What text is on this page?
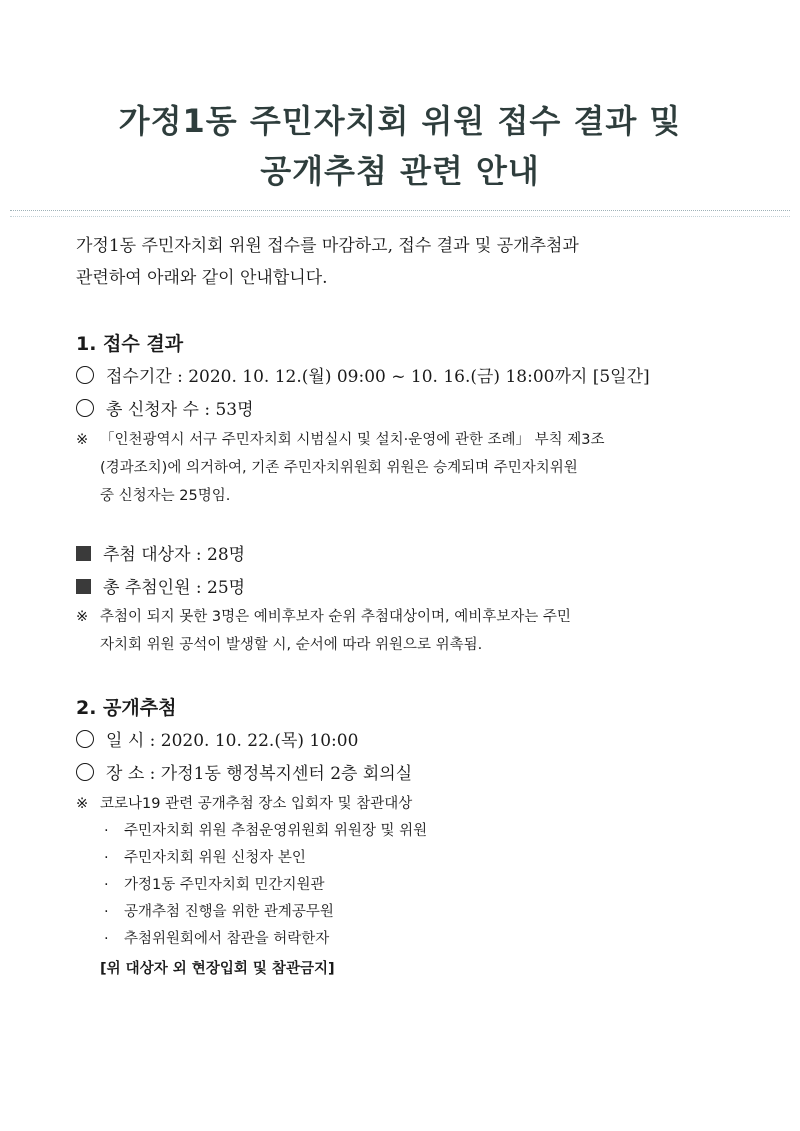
가정1동 주민자치회 위원 접수 결과 및
공개추첨 관련 안내
가정1동 주민자치회 위원 접수를 마감하고, 접수 결과 및 공개추첨과
관련하여 아래와 같이 안내합니다.
1. 접수 결과
접수기간 : 2020. 10. 12.(월) 09:00 ~ 10. 16.(금) 18:00까지 [5일간]
총 신청자 수 : 53명
※ 「인천광역시 서구 주민자치회 시범실시 및 설치·운영에 관한 조례」 부칙 제3조
(경과조치)에 의거하여, 기존 주민자치위원회 위원은 승계되며 주민자치위원
중 신청자는 25명임.
추첨 대상자 : 28명
총 추첨인원 : 25명
※ 추첨이 되지 못한 3명은 예비후보자 순위 추첨대상이며, 예비후보자는 주민
자치회 위원 공석이 발생할 시, 순서에 따라 위원으로 위촉됨.
2. 공개추첨
일 시 : 2020. 10. 22.(목) 10:00
장 소 : 가정1동 행정복지센터 2층 회의실
※ 코로나19 관련 공개추첨 장소 입회자 및 참관대상
· 주민자치회 위원 추첨운영위원회 위원장 및 위원
· 주민자치회 위원 신청자 본인
· 가정1동 주민자치회 민간지원관
· 공개추첨 진행을 위한 관계공무원
· 추첨위원회에서 참관을 허락한자
[위 대상자 외 현장입회 및 참관금지]
